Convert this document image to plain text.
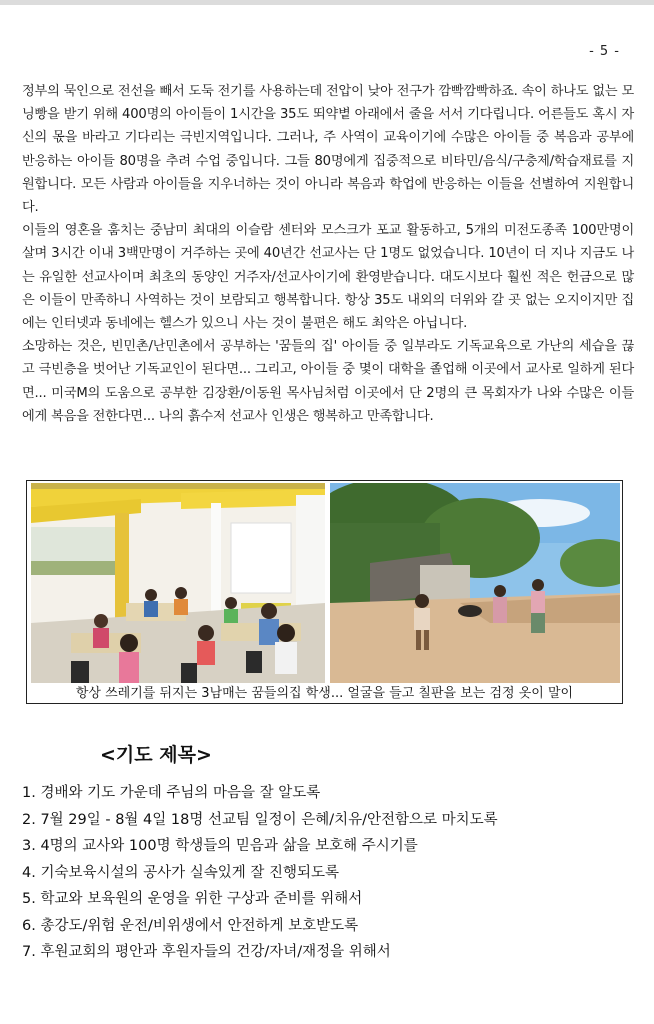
- 5 -

정부의 묵인으로 전선을 빼서 도둑 전기를 사용하는데 전압이 낮아 전구가 깜빡깜빡하죠. 속이 하나도 없는 모닝빵을 받기 위해 400명의 아이들이 1시간을 35도 뙤약볕 아래에서 줄을 서서 기다립니다. 어른들도 혹시 자신의 몫을 바라고 기다리는 극빈지역입니다. 그러나, 주 사역이 교육이기에 수많은 아이들 중 복음과 공부에 반응하는 아이들 80명을 추려 수업 중입니다. 그들 80명에게 집중적으로 비타민/음식/구충제/학습재료를 지원합니다. 모든 사람과 아이들을 지우너하는 것이 아니라 복음과 학업에 반응하는 이들을 선별하여 지원합니다.

이들의 영혼을 훔치는 중남미 최대의 이슬람 센터와 모스크가 포교 활동하고, 5개의 미전도종족 100만명이 살며 3시간 이내 3백만명이 거주하는 곳에 40년간 선교사는 단 1명도 없었습니다. 10년이 더 지나 지금도 나는 유일한 선교사이며 최초의 동양인 거주자/선교사이기에 환영받습니다. 대도시보다 훨씬 적은 헌금으로 많은 이들이 만족하니 사역하는 것이 보람되고 행복합니다. 항상 35도 내외의 더위와 갈 곳 없는 오지이지만 집에는 인터넷과 동네에는 헬스가 있으니 사는 것이 불편은 해도 최악은 아닙니다.

소망하는 것은, 빈민촌/난민촌에서 공부하는 '꿈들의 집' 아이들 중 일부라도 기독교육으로 가난의 세습을 끊고 극빈층을 벗어난 기독교인이 된다면... 그리고, 아이들 중 몇이 대학을 졸업해 이곳에서 교사로 일하게 된다면... 미국M의 도움으로 공부한 김장환/이동원 목사님처럼 이곳에서 단 2명의 큰 목회자가 나와 수많은 이들에게 복음을 전한다면... 나의 흙수저 선교사 인생은 행복하고 만족합니다.

항상 쓰레기를 뒤지는 3남매는 꿈들의집 학생... 얼굴을 들고 칠판을 보는 검정 옷이 말이
<기도 제목>
1. 경배와 기도 가운데 주님의 마음을 잘 알도록
2. 7월 29일 - 8월 4일 18명 선교팀 일정이 은혜/치유/안전함으로 마치도록
3. 4명의 교사와 100명 학생들의 믿음과 삶을 보호해 주시기를
4. 기숙보육시설의 공사가 실속있게 잘 진행되도록
5. 학교와 보육원의 운영을 위한 구상과 준비를 위해서
6. 총강도/위험 운전/비위생에서 안전하게 보호받도록
7. 후원교회의 평안과 후원자들의 건강/자녀/재정을 위해서
